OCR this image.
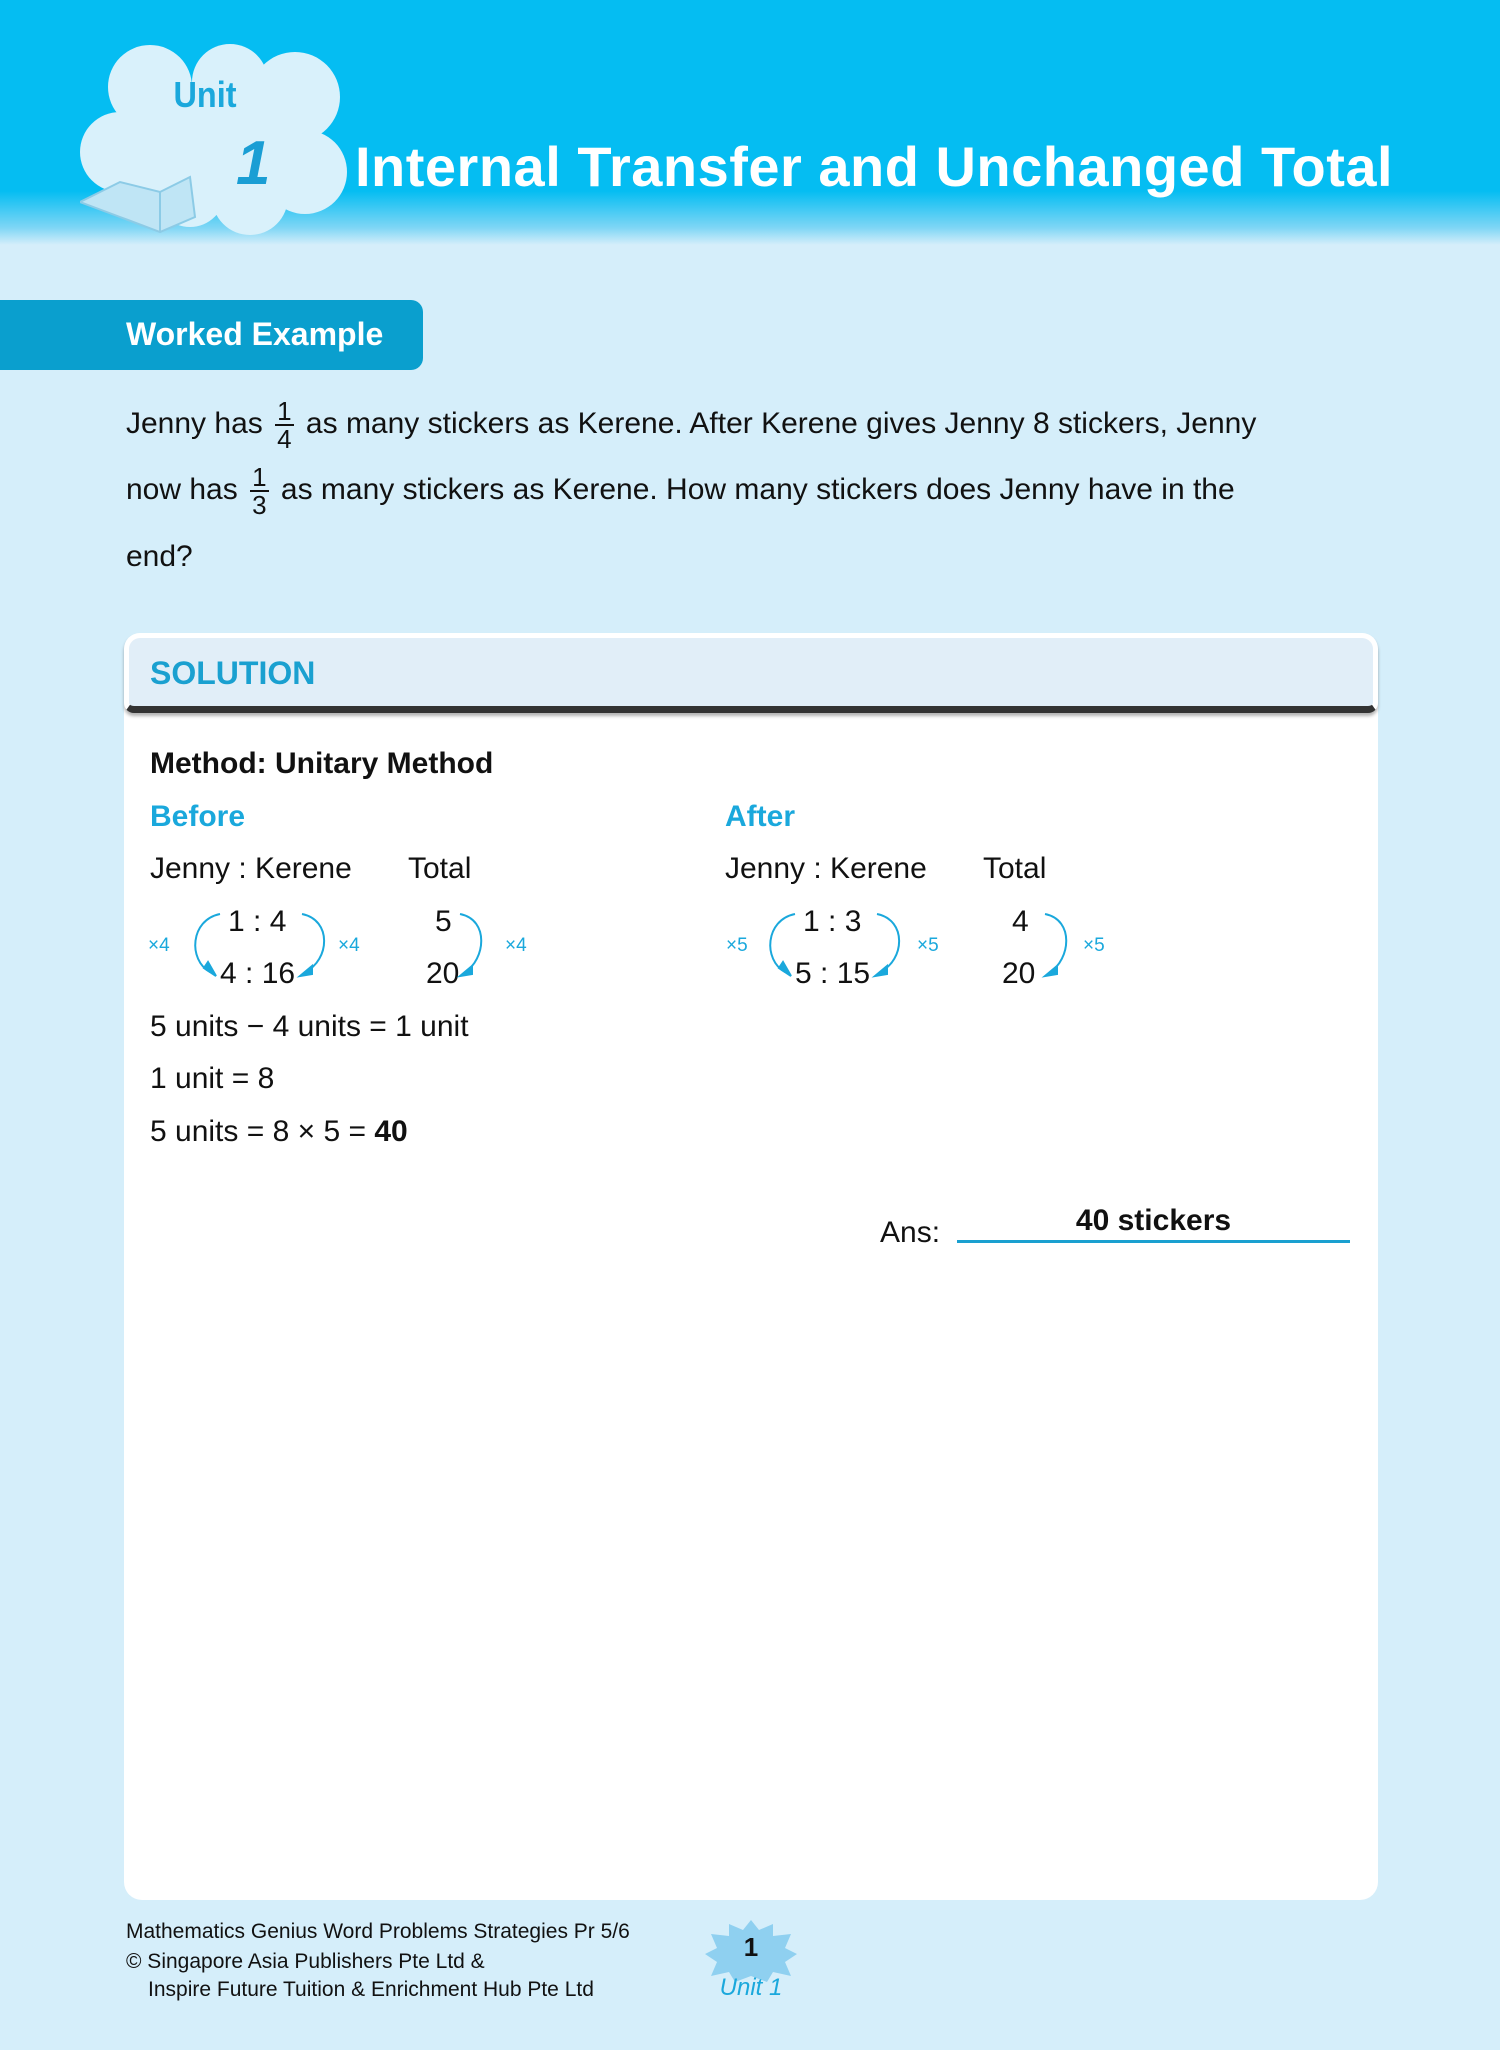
Unit
1 Internal Transfer and Unchanged Total
Worked Example
Jenny has $\frac{1}{4}$ as many stickers as Kerene. After Kerene gives Jenny 8 stickers, Jenny
now has $\frac{1}{3}$ as many stickers as Kerene. How many stickers does Jenny have in the
end?
SOLUTION
Method: Unitary Method
Before
Jenny : Kerene Total
1 : 4
4 : 16
5
20
×4	×4	×4
After
Jenny : Kerene Total
1 : 3
5 : 15
4
20
×5	×5	×5
5 units − 4 units = 1 unit
1 unit = 8
5 units = 8 × 5 = 40
Ans:	40 stickers
Mathematics Genius Word Problems Strategies Pr 5/6
© Singapore Asia Publishers Pte Ltd &
Inspire Future Tuition & Enrichment Hub Pte Ltd
1
Unit 1
